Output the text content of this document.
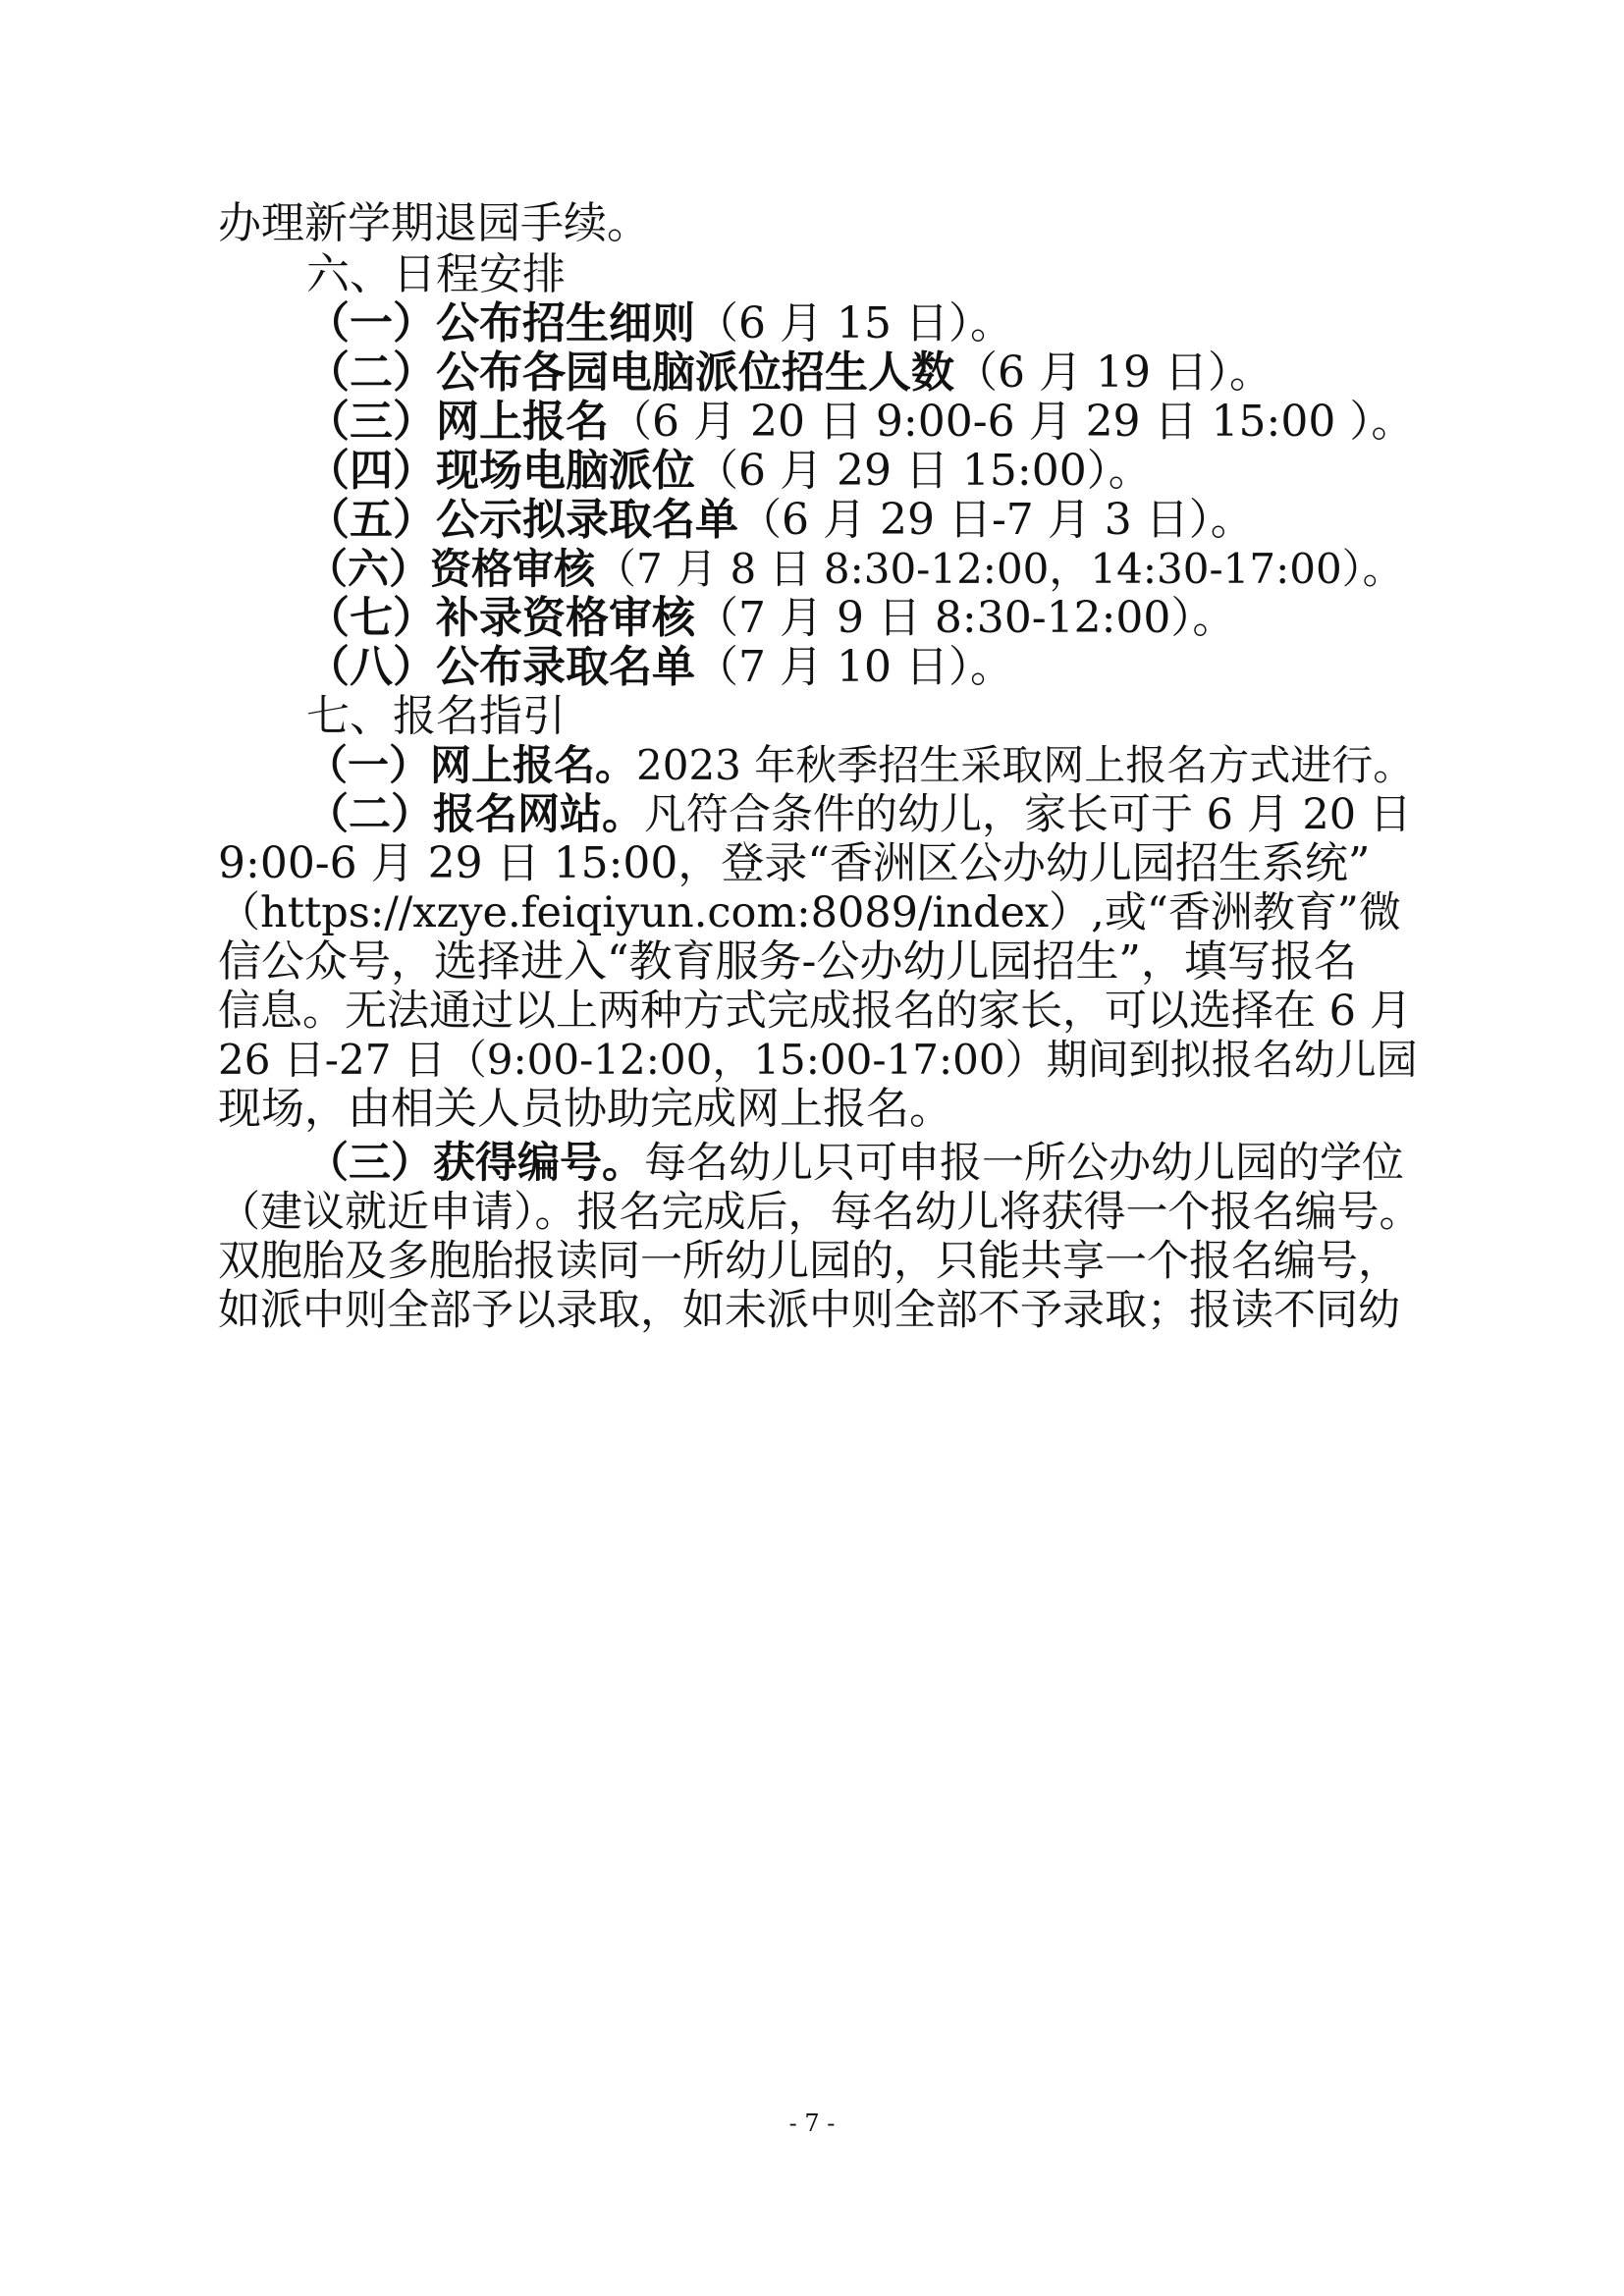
办理新学期退园手续。
六、日程安排
（一）公布招生细则（6 月 15 日）。
（二）公布各园电脑派位招生人数（6 月 19 日）。
（三）网上报名（6 月 20 日 9:00-6 月 29 日 15:00 ）。
（四）现场电脑派位（6 月 29 日 15:00）。
（五）公示拟录取名单（6 月 29 日-7 月 3 日）。
（六）资格审核（7 月 8 日 8:30-12:00，14:30-17:00）。
（七）补录资格审核（7 月 9 日 8:30-12:00）。
（八）公布录取名单（7 月 10 日）。
七、报名指引
（一）网上报名。2023 年秋季招生采取网上报名方式进行。
（二）报名网站。凡符合条件的幼儿，家长可于 6 月 20 日
9:00-6 月 29 日 15:00，登录“香洲区公办幼儿园招生系统”
（https://xzye.feiqiyun.com:8089/index）,或“香洲教育”微
信公众号，选择进入“教育服务-公办幼儿园招生”，填写报名
信息。无法通过以上两种方式完成报名的家长，可以选择在 6 月
26 日-27 日（9:00-12:00，15:00-17:00）期间到拟报名幼儿园
现场，由相关人员协助完成网上报名。
（三）获得编号。每名幼儿只可申报一所公办幼儿园的学位
（建议就近申请）。报名完成后，每名幼儿将获得一个报名编号。
双胞胎及多胞胎报读同一所幼儿园的，只能共享一个报名编号，
如派中则全部予以录取，如未派中则全部不予录取；报读不同幼
- 7 -
